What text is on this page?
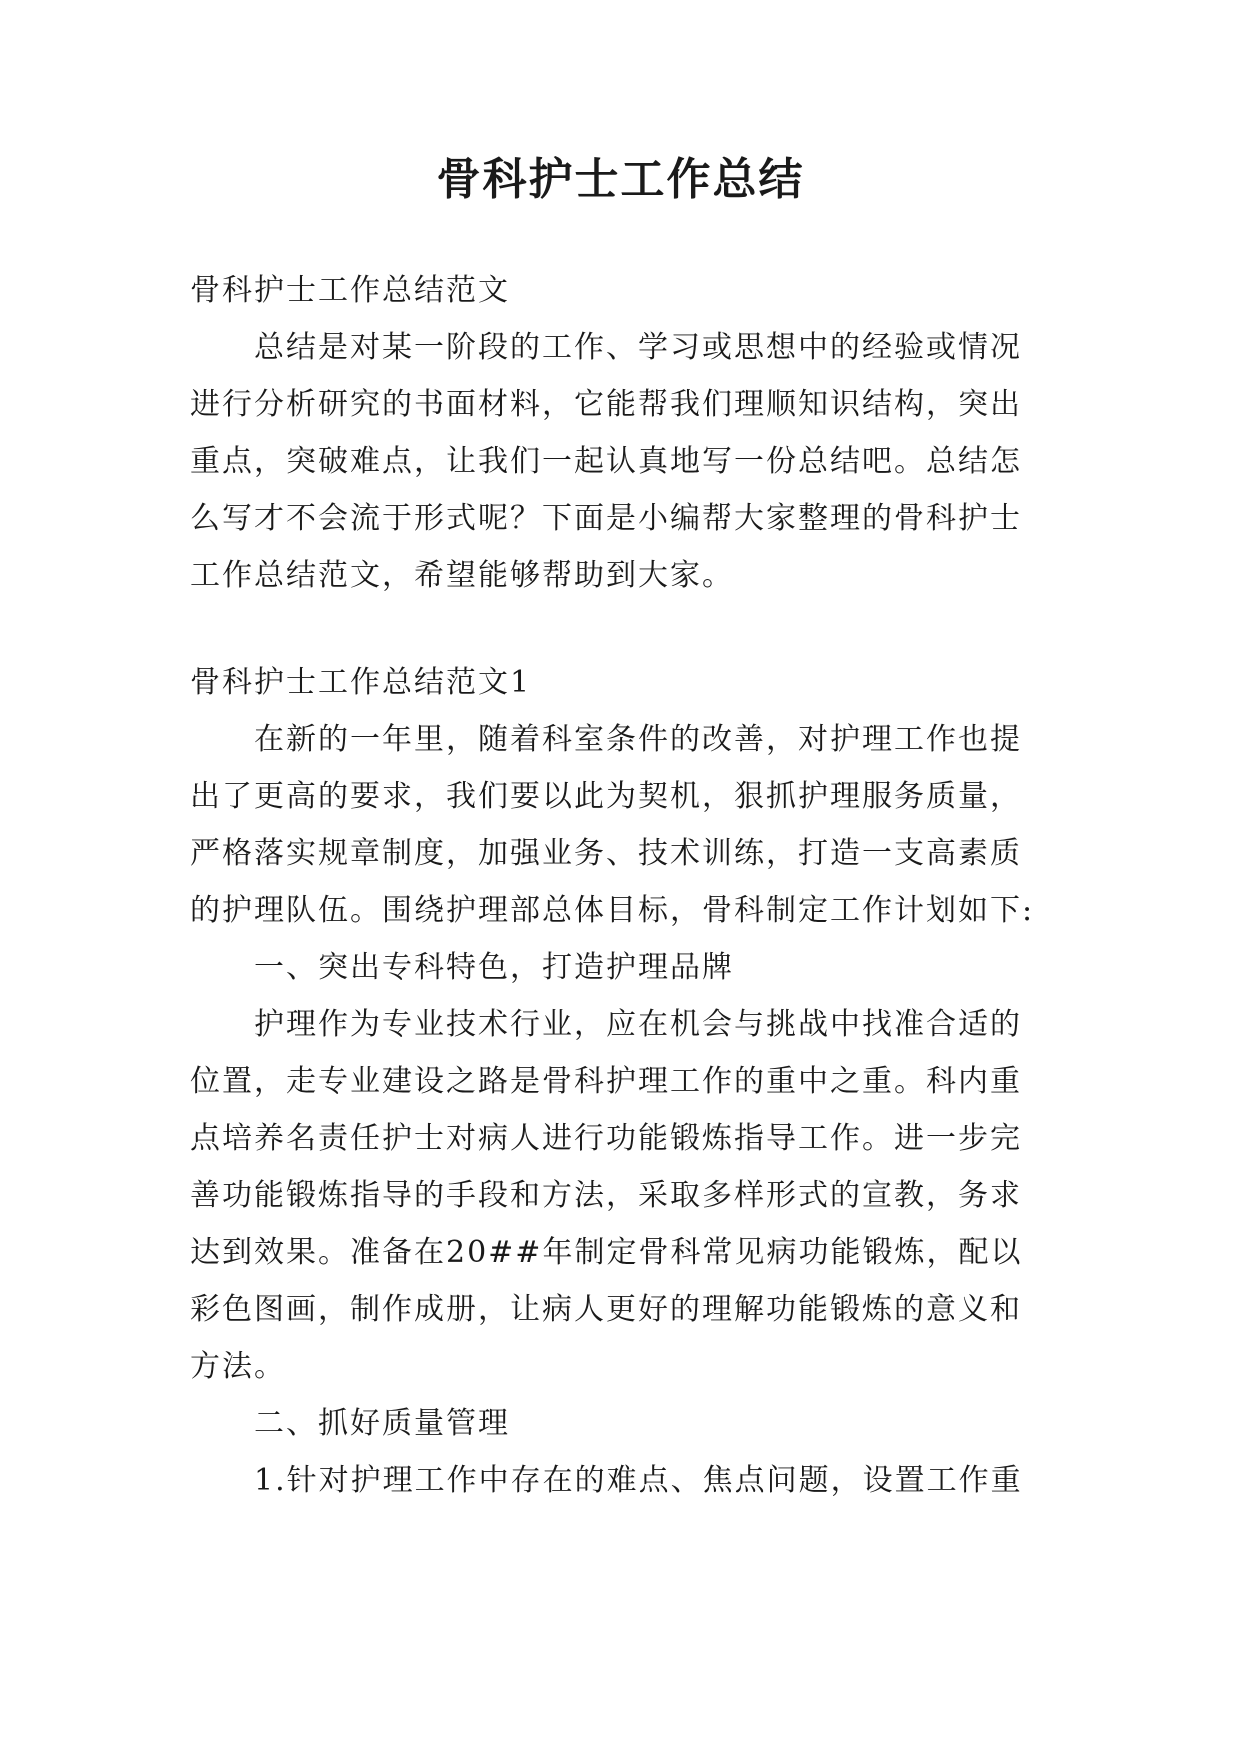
骨科护士工作总结

骨科护士工作总结范文

总结是对某一阶段的工作、学习或思想中的经验或情况进行分析研究的书面材料，它能帮我们理顺知识结构，突出重点，突破难点，让我们一起认真地写一份总结吧。总结怎么写才不会流于形式呢？下面是小编帮大家整理的骨科护士工作总结范文，希望能够帮助到大家。

骨科护士工作总结范文1

在新的一年里，随着科室条件的改善，对护理工作也提出了更高的要求，我们要以此为契机，狠抓护理服务质量，严格落实规章制度，加强业务、技术训练，打造一支高素质的护理队伍。围绕护理部总体目标，骨科制定工作计划如下:

一、突出专科特色，打造护理品牌

护理作为专业技术行业，应在机会与挑战中找准合适的位置，走专业建设之路是骨科护理工作的重中之重。科内重点培养名责任护士对病人进行功能锻炼指导工作。进一步完善功能锻炼指导的手段和方法，采取多样形式的宣教，务求达到效果。准备在20##年制定骨科常见病功能锻炼，配以彩色图画，制作成册，让病人更好的理解功能锻炼的意义和方法。

二、抓好质量管理

1.针对护理工作中存在的难点、焦点问题，设置工作重
